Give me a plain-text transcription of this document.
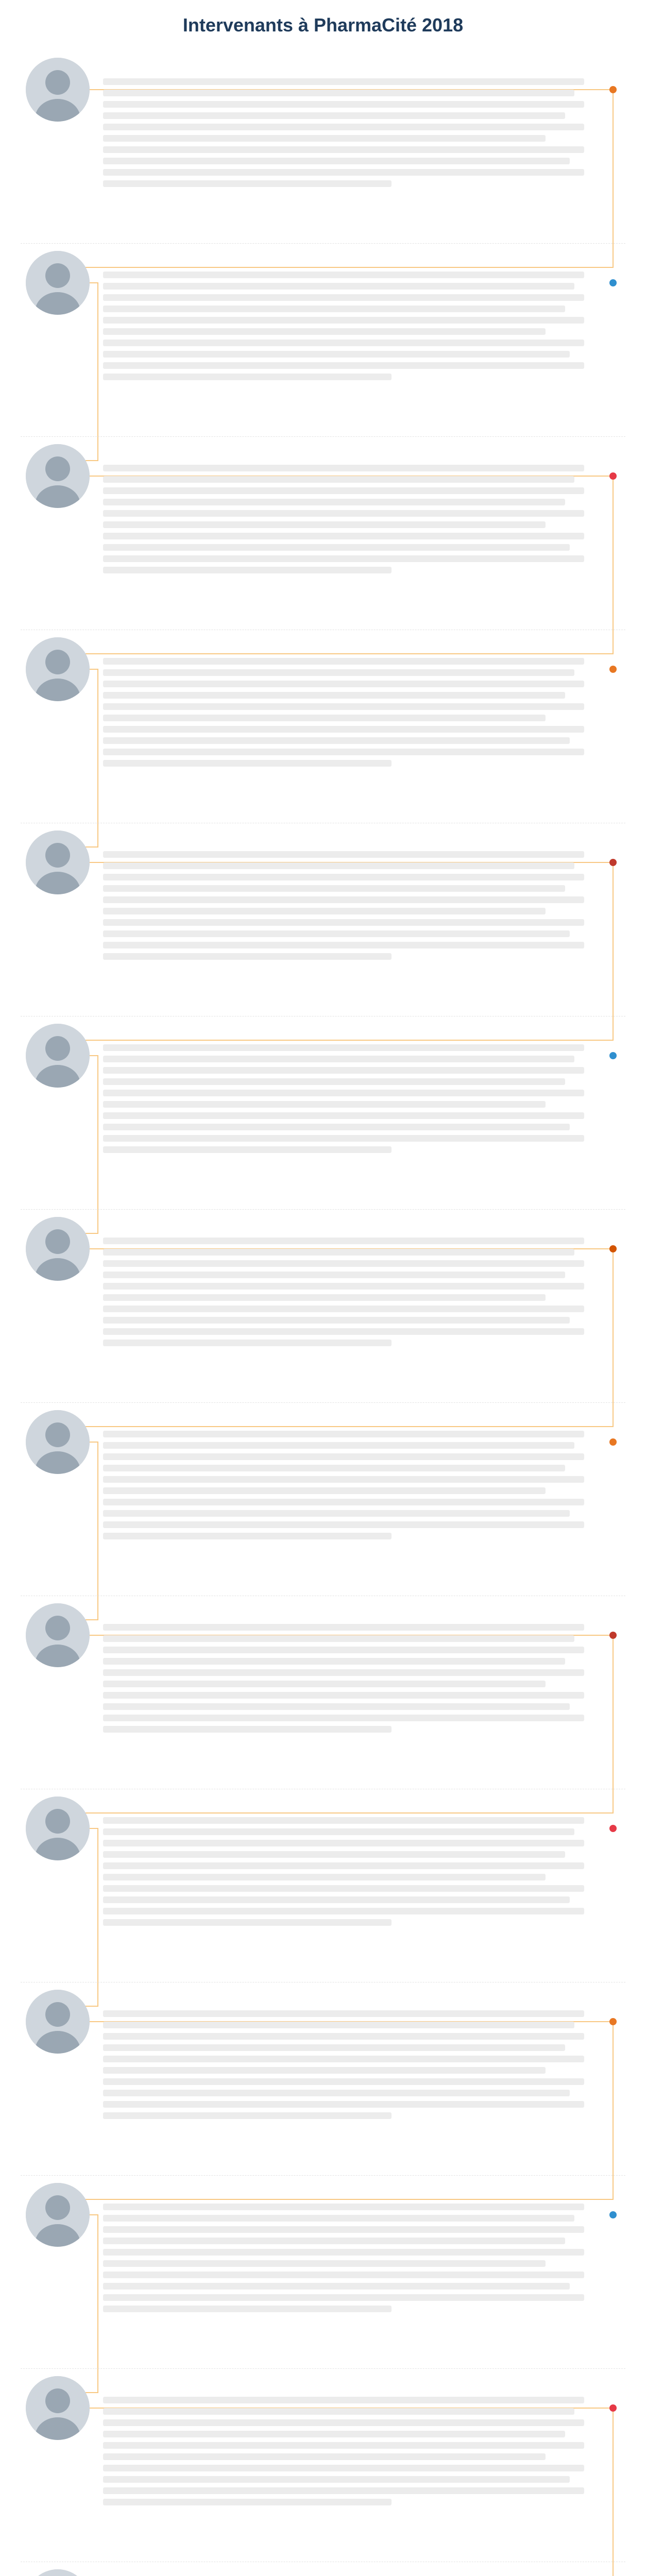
Intervenants à PharmaCité 2018
